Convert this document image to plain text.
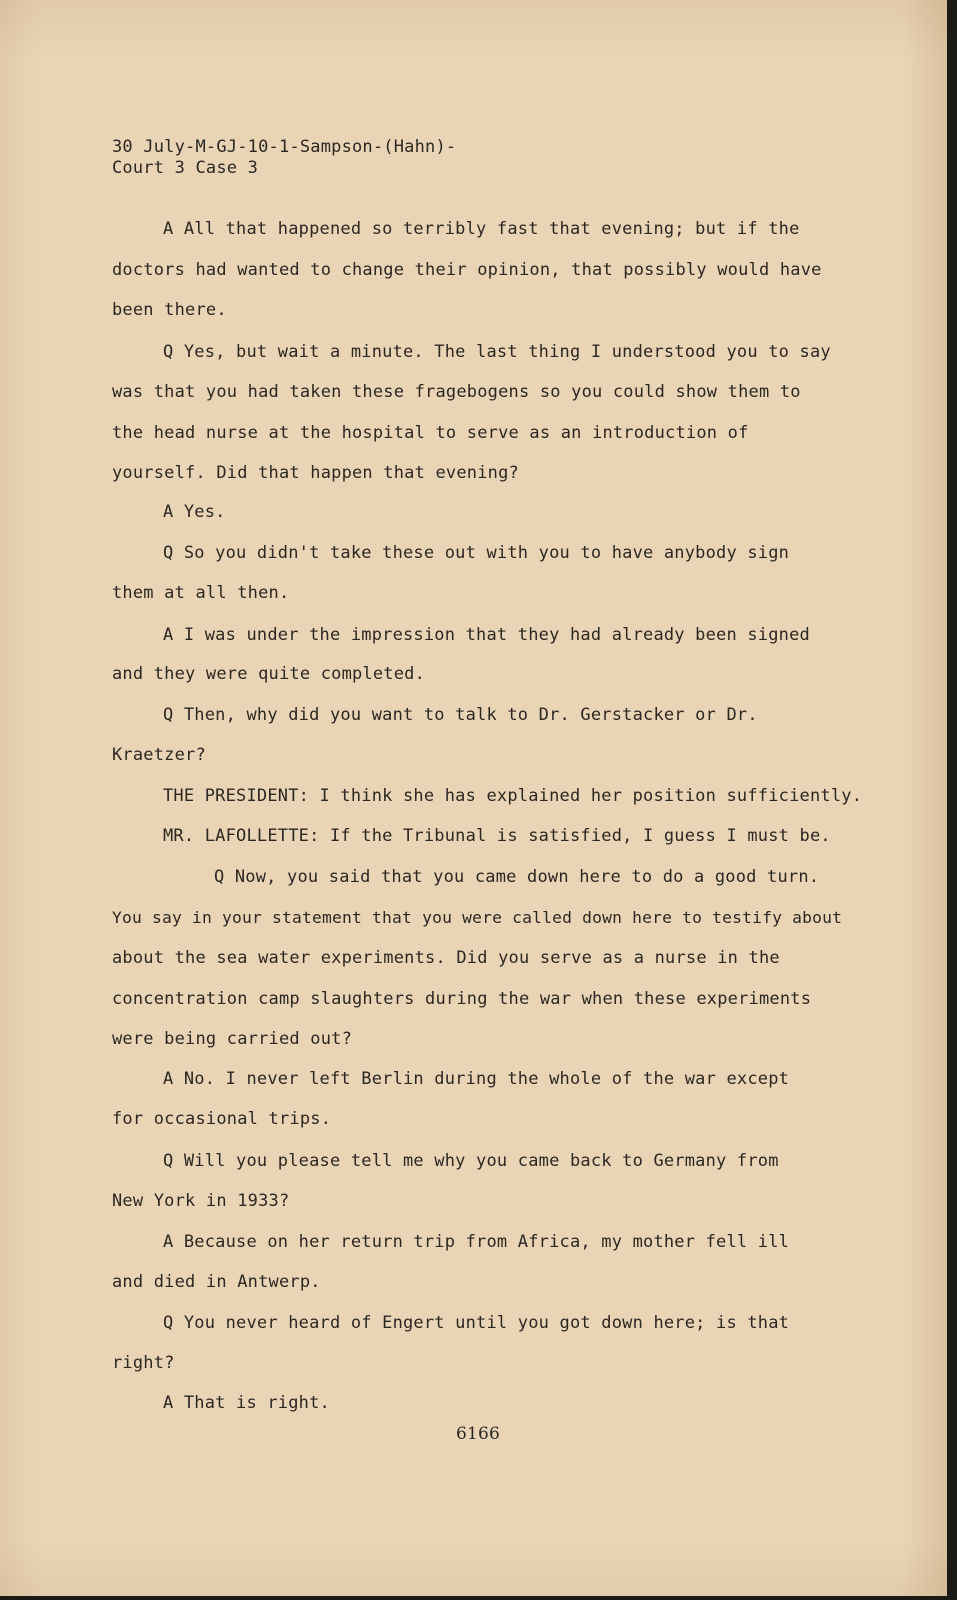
30 July-M-GJ-10-1-Sampson-(Hahn)-
Court 3 Case 3
A All that happened so terribly fast that evening; but if the
doctors had wanted to change their opinion, that possibly would have
been there.
Q Yes, but wait a minute. The last thing I understood you to say
was that you had taken these fragebogens so you could show them to
the head nurse at the hospital to serve as an introduction of
yourself. Did that happen that evening?
A Yes.
Q So you didn't take these out with you to have anybody sign
them at all then.
A I was under the impression that they had already been signed
and they were quite completed.
Q Then, why did you want to talk to Dr. Gerstacker or Dr.
Kraetzer?
THE PRESIDENT: I think she has explained her position sufficiently.
MR. LAFOLLETTE: If the Tribunal is satisfied, I guess I must be.
Q Now, you said that you came down here to do a good turn.
You say in your statement that you were called down here to testify about
about the sea water experiments. Did you serve as a nurse in the
concentration camp slaughters during the war when these experiments
were being carried out?
A No. I never left Berlin during the whole of the war except
for occasional trips.
Q Will you please tell me why you came back to Germany from
New York in 1933?
A Because on her return trip from Africa, my mother fell ill
and died in Antwerp.
Q You never heard of Engert until you got down here; is that
right?
A That is right.
6166
